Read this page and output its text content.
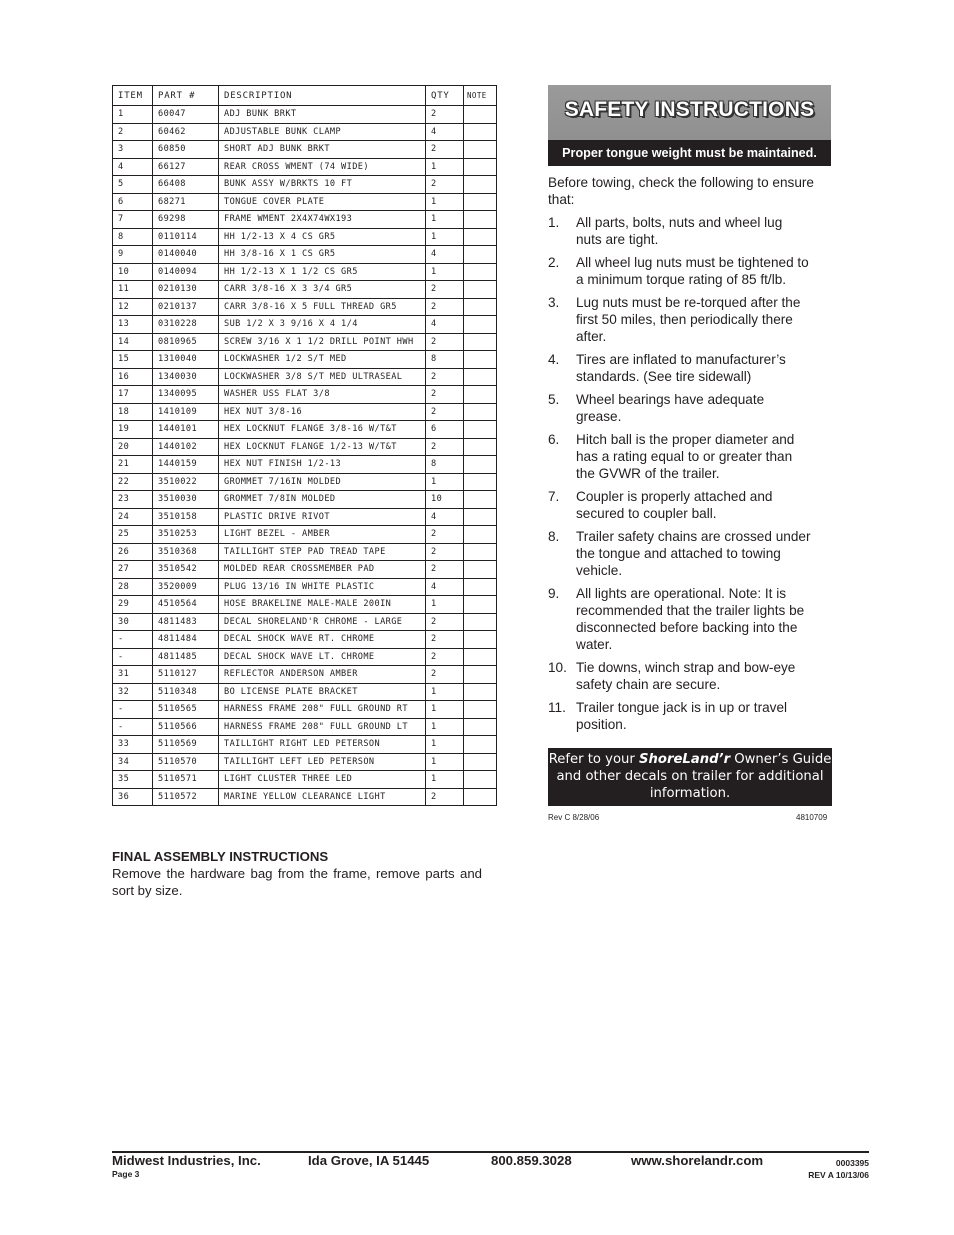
ITEM	PART #	DESCRIPTION	QTY	NOTE
1	60047	ADJ BUNK BRKT	2	
2	60462	ADJUSTABLE BUNK CLAMP	4	
3	60850	SHORT ADJ BUNK BRKT	2	
4	66127	REAR CROSS WMENT (74 WIDE)	1	
5	66408	BUNK ASSY W/BRKTS 10 FT	2	
6	68271	TONGUE COVER PLATE	1	
7	69298	FRAME WMENT 2X4X74WX193	1	
8	0110114	HH 1/2-13 X 4 CS GR5	1	
9	0140040	HH 3/8-16 X 1 CS GR5	4	
10	0140094	HH 1/2-13 X 1 1/2 CS GR5	1	
11	0210130	CARR 3/8-16 X 3 3/4 GR5	2	
12	0210137	CARR 3/8-16 X 5 FULL THREAD GR5	2	
13	0310228	SUB 1/2 X 3 9/16 X 4 1/4	4	
14	0810965	SCREW 3/16 X 1 1/2 DRILL POINT HWH	2	
15	1310040	LOCKWASHER 1/2 S/T MED	8	
16	1340030	LOCKWASHER 3/8 S/T MED ULTRASEAL	2	
17	1340095	WASHER USS FLAT 3/8	2	
18	1410109	HEX NUT 3/8-16	2	
19	1440101	HEX LOCKNUT FLANGE 3/8-16 W/T&T	6	
20	1440102	HEX LOCKNUT FLANGE 1/2-13 W/T&T	2	
21	1440159	HEX NUT FINISH 1/2-13	8	
22	3510022	GROMMET 7/16IN MOLDED	1	
23	3510030	GROMMET 7/8IN MOLDED	10	
24	3510158	PLASTIC DRIVE RIVOT	4	
25	3510253	LIGHT BEZEL - AMBER	2	
26	3510368	TAILLIGHT STEP PAD TREAD TAPE	2	
27	3510542	MOLDED REAR CROSSMEMBER PAD	2	
28	3520009	PLUG 13/16 IN WHITE PLASTIC	4	
29	4510564	HOSE BRAKELINE MALE-MALE 200IN	1	
30	4811483	DECAL SHORELAND'R CHROME - LARGE	2	
-	4811484	DECAL SHOCK WAVE RT. CHROME	2	
-	4811485	DECAL SHOCK WAVE LT. CHROME	2	
31	5110127	REFLECTOR ANDERSON AMBER	2	
32	5110348	BO LICENSE PLATE BRACKET	1	
-	5110565	HARNESS FRAME 208" FULL GROUND RT	1	
-	5110566	HARNESS FRAME 208" FULL GROUND LT	1	
33	5110569	TAILLIGHT RIGHT LED PETERSON	1	
34	5110570	TAILLIGHT LEFT LED PETERSON	1	
35	5110571	LIGHT CLUSTER THREE LED	1	
36	5110572	MARINE YELLOW CLEARANCE LIGHT	2	
FINAL ASSEMBLY INSTRUCTIONS

Remove the hardware bag from the frame, remove parts and sort by size.

SAFETY INSTRUCTIONS
Proper tongue weight must be maintained.

Before towing, check the following to ensure that:

1. All parts, bolts, nuts and wheel lug nuts are tight.
2. All wheel lug nuts must be tightened to a minimum torque rating of 85 ft/lb.
3. Lug nuts must be re-torqued after the first 50 miles, then periodically there after.
4. Tires are inflated to manufacturer’s standards. (See tire sidewall)
5. Wheel bearings have adequate grease.
6. Hitch ball is the proper diameter and has a rating equal to or greater than the GVWR of the trailer.
7. Coupler is properly attached and secured to coupler ball.
8. Trailer safety chains are crossed under the tongue and attached to towing vehicle.
9. All lights are operational. Note: It is recommended that the trailer lights be disconnected before backing into the water.
10. Tie downs, winch strap and bow-eye safety chain are secure.
11. Trailer tongue jack is in up or travel position.
Refer to your ShoreLand’r Owner’s Guide and other decals on trailer for additional information.
Rev C 8/28/06	4810709
Midwest Industries, Inc.	Ida Grove, IA 51445	800.859.3028	www.shorelandr.com
Page 3
0003395
REV A 10/13/06
